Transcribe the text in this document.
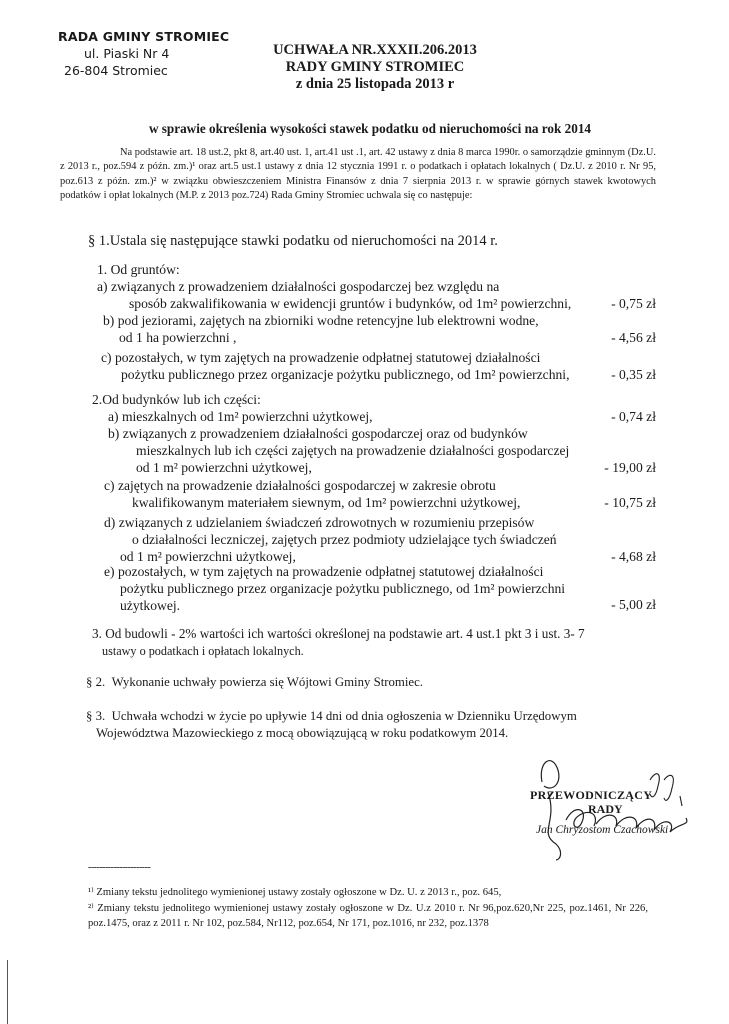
RADA GMINY STROMIEC
ul. Piaski Nr 4
26-804 Stromiec
UCHWAŁA NR.XXXII.206.2013
RADY GMINY STROMIEC
z dnia 25 listopada 2013 r
w sprawie określenia wysokości stawek podatku od nieruchomości na rok 2014
Na podstawie art. 18 ust.2, pkt 8, art.40 ust. 1, art.41 ust .1, art. 42 ustawy z dnia 8 marca 1990r. o samorządzie gminnym (Dz.U. z 2013 r., poz.594 z późn. zm.)¹ oraz art.5 ust.1 ustawy z dnia 12 stycznia 1991 r. o podatkach i opłatach lokalnych ( Dz.U. z 2010 r. Nr 95, poz.613 z późn. zm.)² w związku obwieszczeniem Ministra Finansów z dnia 7 sierpnia 2013 r. w sprawie górnych stawek kwotowych podatków i opłat lokalnych (M.P. z 2013 poz.724) Rada Gminy Stromiec uchwala się co następuje:
§ 1.Ustala się następujące stawki podatku od nieruchomości na 2014 r.
1. Od gruntów:
a) związanych z prowadzeniem działalności gospodarczej bez względu na
sposób zakwalifikowania w ewidencji gruntów i budynków, od 1m² powierzchni,	- 0,75 zł
b) pod jeziorami, zajętych na zbiorniki wodne retencyjne lub elektrowni wodne,
od 1 ha powierzchni ,	- 4,56 zł
c) pozostałych, w tym zajętych na prowadzenie odpłatnej statutowej działalności
pożytku publicznego przez organizacje pożytku publicznego, od 1m² powierzchni,	- 0,35 zł
2.Od budynków lub ich części:
a) mieszkalnych od 1m² powierzchni użytkowej,	- 0,74 zł
b) związanych z prowadzeniem działalności gospodarczej oraz od budynków
mieszkalnych lub ich części zajętych na prowadzenie działalności gospodarczej
od 1 m² powierzchni użytkowej,	- 19,00 zł
c) zajętych na prowadzenie działalności gospodarczej w zakresie obrotu
kwalifikowanym materiałem siewnym, od 1m² powierzchni użytkowej,	- 10,75 zł
d) związanych z udzielaniem świadczeń zdrowotnych w rozumieniu przepisów
o działalności leczniczej, zajętych przez podmioty udzielające tych świadczeń
od 1 m² powierzchni użytkowej,	- 4,68 zł
e) pozostałych, w tym zajętych na prowadzenie odpłatnej statutowej działalności
pożytku publicznego przez organizacje pożytku publicznego, od 1m² powierzchni
użytkowej.	- 5,00 zł
3. Od budowli - 2% wartości ich wartości określonej na podstawie art. 4 ust.1 pkt 3 i ust. 3- 7
ustawy o podatkach i opłatach lokalnych.
§ 2. Wykonanie uchwały powierza się Wójtowi Gminy Stromiec.
§ 3. Uchwała wchodzi w życie po upływie 14 dni od dnia ogłoszenia w Dzienniku Urzędowym
Województwa Mazowieckiego z mocą obowiązującą w roku podatkowym 2014.
PRZEWODNICZĄCY
RADY
Jan Chryzostom Czachowski
----------------------
¹⁾ Zmiany tekstu jednolitego wymienionej ustawy zostały ogłoszone w Dz. U. z 2013 r., poz. 645,
²⁾ Zmiany tekstu jednolitego wymienionej ustawy zostały ogłoszone w Dz. U.z 2010 r. Nr 96,poz.620,Nr 225, poz.1461, Nr 226, poz.1475, oraz z 2011 r. Nr 102, poz.584, Nr112, poz.654, Nr 171, poz.1016, nr 232, poz.1378
